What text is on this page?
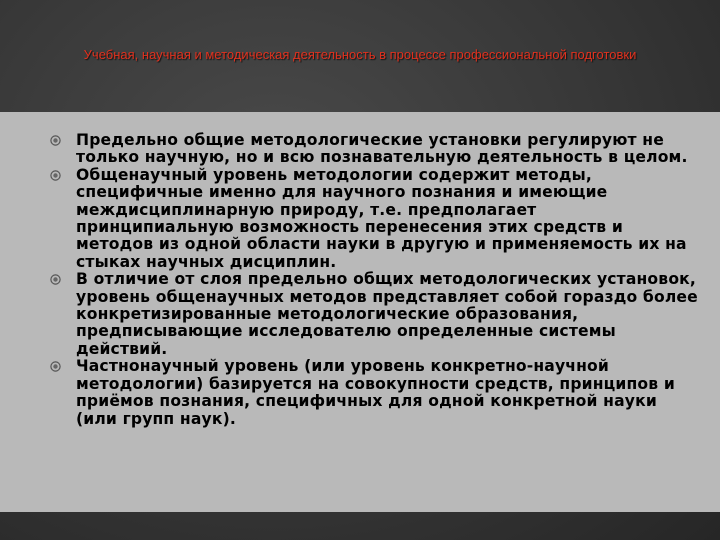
Учебная, научная и методическая деятельность в процессе профессиональной подготовки
Предельно общие методологические установки регулируют не только научную, но и всю познавательную деятельность в целом.
Общенаучный уровень методологии содержит методы, специфичные именно для научного познания и имеющие междисциплинарную природу, т.е. предполагает принципиальную возможность перенесения этих средств и методов из одной области науки в другую и применяемость их на стыках научных дисциплин.
В отличие от слоя предельно общих методологических установок, уровень общенаучных методов представляет собой гораздо более конкретизированные методологические образования, предписывающие исследователю определенные системы действий.
Частнонаучный уровень (или уровень конкретно-научной методологии) базируется на совокупности средств, принципов и приёмов познания, специфичных для одной конкретной науки (или групп наук).
